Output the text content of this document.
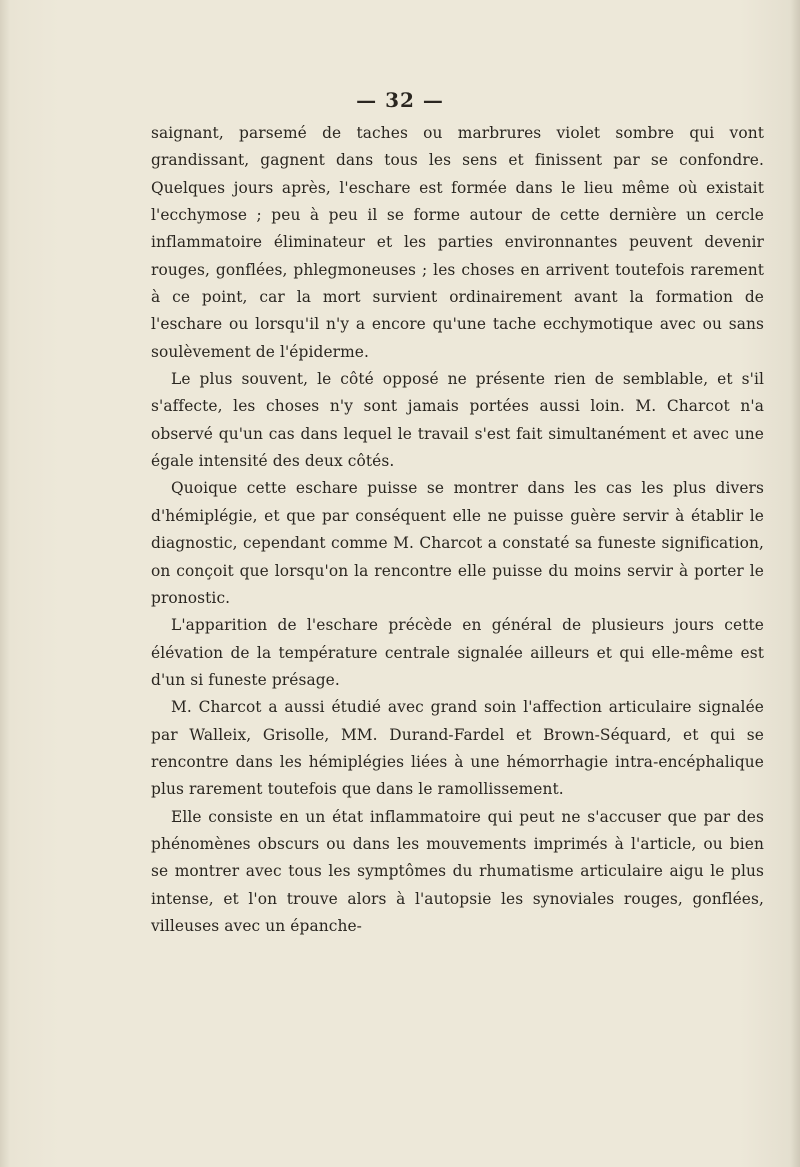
— 32 —

saignant, parsemé de taches ou marbrures violet sombre qui vont grandissant, gagnent dans tous les sens et finissent par se confondre. Quelques jours après, l'eschare est formée dans le lieu même où existait l'ecchymose ; peu à peu il se forme autour de cette dernière un cercle inflammatoire éliminateur et les parties environnantes peuvent devenir rouges, gonflées, phlegmoneuses ; les choses en arrivent toutefois rarement à ce point, car la mort survient ordinairement avant la formation de l'eschare ou lorsqu'il n'y a encore qu'une tache ecchymotique avec ou sans soulèvement de l'épiderme.

Le plus souvent, le côté opposé ne présente rien de semblable, et s'il s'affecte, les choses n'y sont jamais portées aussi loin. M. Charcot n'a observé qu'un cas dans lequel le travail s'est fait simultanément et avec une égale intensité des deux côtés.

Quoique cette eschare puisse se montrer dans les cas les plus divers d'hémiplégie, et que par conséquent elle ne puisse guère servir à établir le diagnostic, cependant comme M. Charcot a constaté sa funeste signification, on conçoit que lorsqu'on la rencontre elle puisse du moins servir à porter le pronostic.

L'apparition de l'eschare précède en général de plusieurs jours cette élévation de la température centrale signalée ailleurs et qui elle-même est d'un si funeste présage.

M. Charcot a aussi étudié avec grand soin l'affection articulaire signalée par Walleix, Grisolle, MM. Durand-Fardel et Brown-Séquard, et qui se rencontre dans les hémiplégies liées à une hémorrhagie intra-encéphalique plus rarement toutefois que dans le ramollissement.

Elle consiste en un état inflammatoire qui peut ne s'accuser que par des phénomènes obscurs ou dans les mouvements imprimés à l'article, ou bien se montrer avec tous les symptômes du rhumatisme articulaire aigu le plus intense, et l'on trouve alors à l'autopsie les synoviales rouges, gonflées, villeuses avec un épanche-
